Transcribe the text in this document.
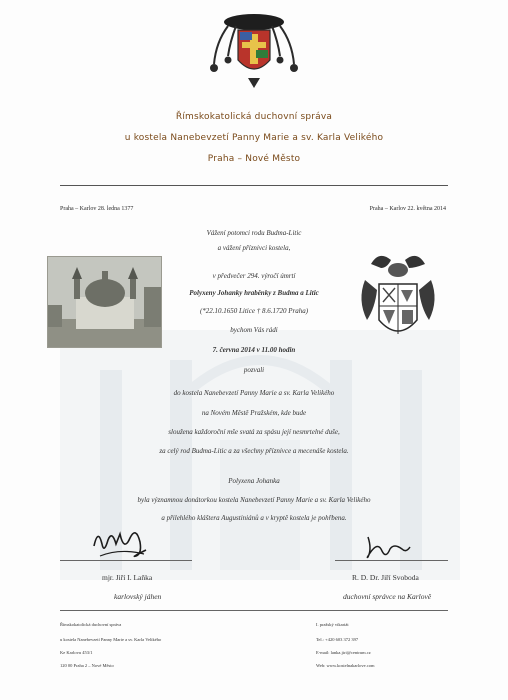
Římskokatolická duchovní správa
u kostela Nanebevzetí Panny Marie a sv. Karla Velikého
Praha – Nové Město
Praha – Karlov 28. ledna 1377	Praha – Karlov 22. května 2014
Vážení potomci rodu Budma-Litic
a vážení příznivci kostela,
v předvečer 294. výročí úmrtí
Polyxeny Johanky hraběnky z Budma a Litic
(*22.10.1650 Litice † 8.6.1720 Praha)
bychom Vás rádi
7. června 2014 v 11.00 hodin
pozvali
do kostela Nanebevzetí Panny Marie a sv. Karla Velikého
na Novém Městě Pražském, kde bude
sloužena každoroční mše svatá za spásu její nesmrtelné duše,
za celý rod Budma-Litic a za všechny příznivce a mecenáše kostela.
Polyxena Johanka
byla významnou donátorkou kostela Nanebevzetí Panny Marie a sv. Karla Velikého
a přilehlého kláštera Augustiniánů a v kryptě kostela je pohřbena.
mjr. Jiří I. Laňka
karlovský jáhen
R. D. Dr. Jiří Svoboda
duchovní správce na Karlově
Římskokatolická duchovní správa
u kostela Nanebevzetí Panny Marie a sv. Karla Velikého
Ke Karlovu 453/1
120 00 Praha 2 – Nové Město
I. pražský vikariát
Tel.: +420 603 372 397
E-mail: lanka.jiri@centrum.cz
Web: www.kostelnakarlove.com
